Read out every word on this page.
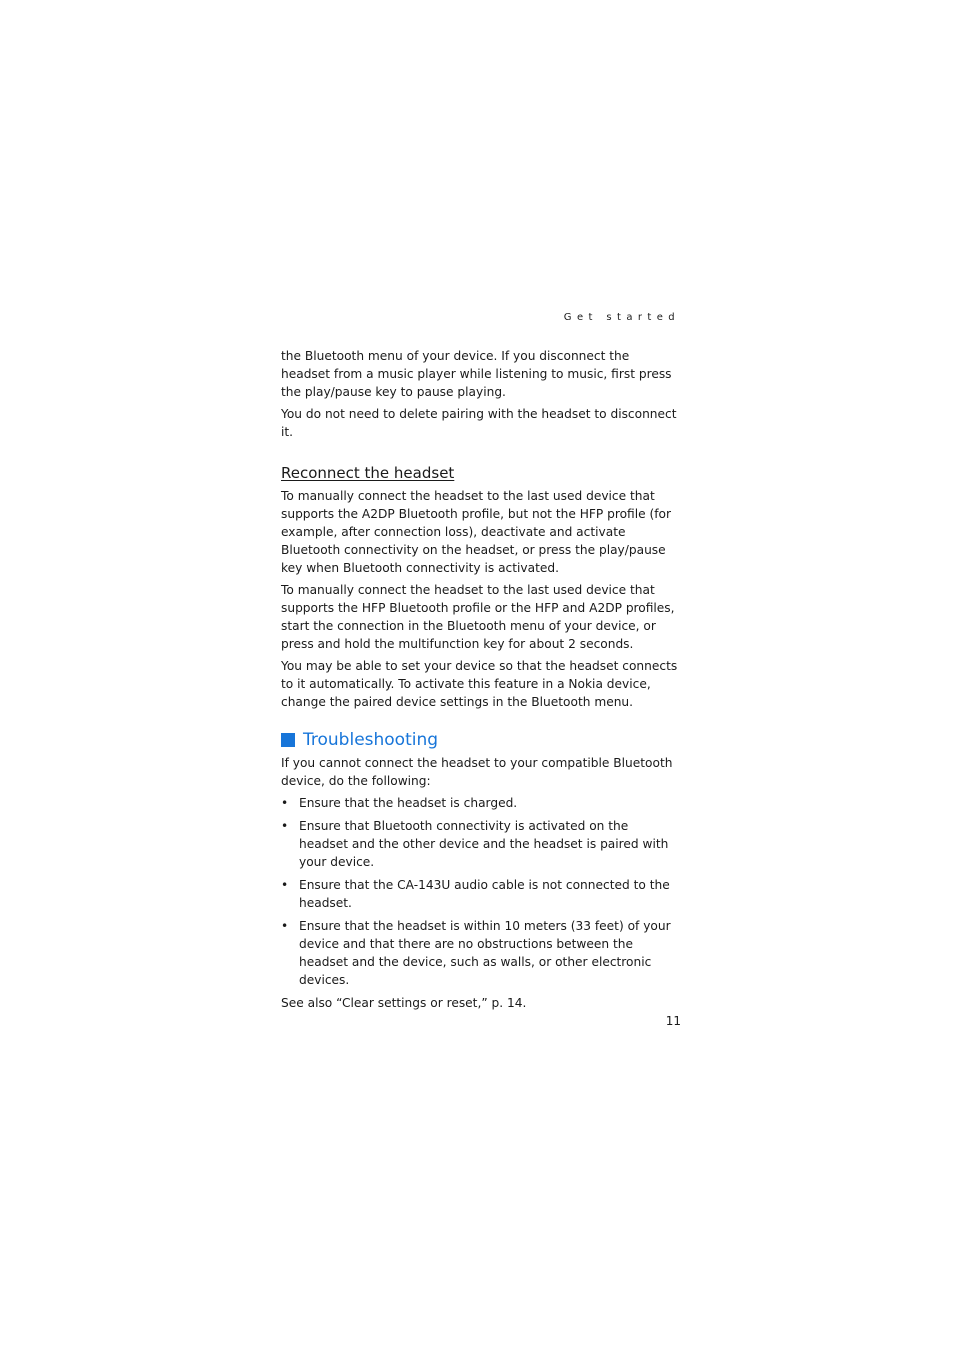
Get started

the Bluetooth menu of your device. If you disconnect the headset from a music player while listening to music, first press the play/pause key to pause playing.

You do not need to delete pairing with the headset to disconnect it.

Reconnect the headset

To manually connect the headset to the last used device that supports the A2DP Bluetooth profile, but not the HFP profile (for example, after connection loss), deactivate and activate Bluetooth connectivity on the headset, or press the play/pause key when Bluetooth connectivity is activated.

To manually connect the headset to the last used device that supports the HFP Bluetooth profile or the HFP and A2DP profiles, start the connection in the Bluetooth menu of your device, or press and hold the multifunction key for about 2 seconds.

You may be able to set your device so that the headset connects to it automatically. To activate this feature in a Nokia device, change the paired device settings in the Bluetooth menu.

Troubleshooting

If you cannot connect the headset to your compatible Bluetooth device, do the following:

• Ensure that the headset is charged.
• Ensure that Bluetooth connectivity is activated on the headset and the other device and the headset is paired with your device.
• Ensure that the CA-143U audio cable is not connected to the headset.
• Ensure that the headset is within 10 meters (33 feet) of your device and that there are no obstructions between the headset and the device, such as walls, or other electronic devices.

See also “Clear settings or reset,” p. 14.

11
